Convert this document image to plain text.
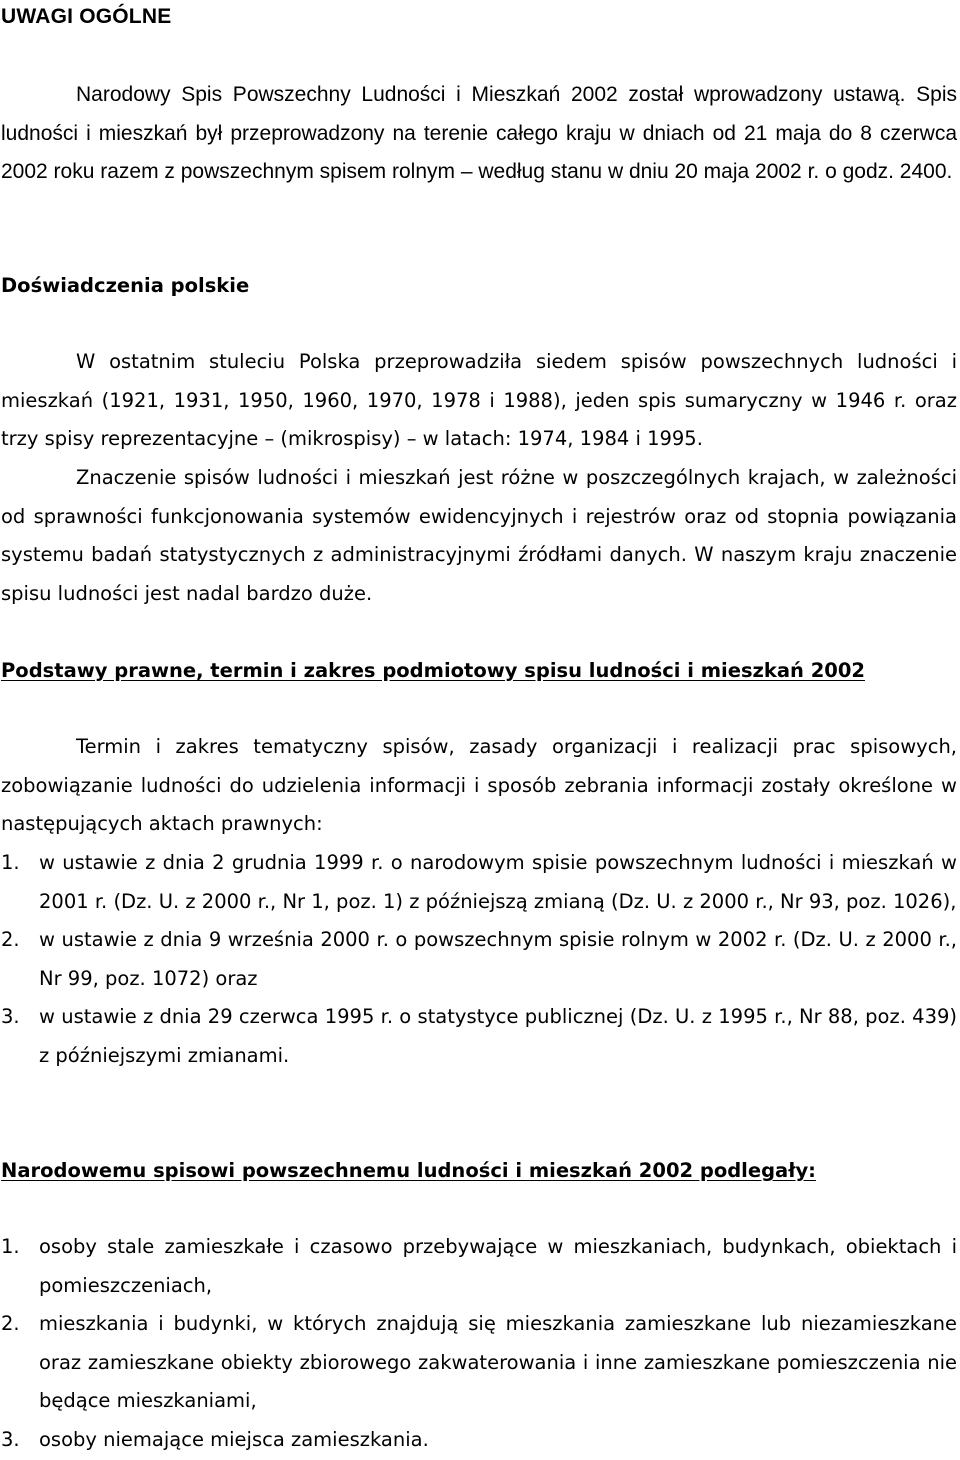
UWAGI OGÓLNE

Narodowy Spis Powszechny Ludności i Mieszkań 2002 został wprowadzony ustawą. Spis ludności i mieszkań był przeprowadzony na terenie całego kraju w dniach od 21 maja do 8 czerwca 2002 roku razem z powszechnym spisem rolnym – według stanu w dniu 20 maja 2002 r. o godz. 2400.

Doświadczenia polskie

W ostatnim stuleciu Polska przeprowadziła siedem spisów powszechnych ludności i mieszkań (1921, 1931, 1950, 1960, 1970, 1978 i 1988), jeden spis sumaryczny w 1946 r. oraz trzy spisy reprezentacyjne – (mikrospisy) – w latach: 1974, 1984 i 1995.

Znaczenie spisów ludności i mieszkań jest różne w poszczególnych krajach, w zależności od sprawności funkcjonowania systemów ewidencyjnych i rejestrów oraz od stopnia powiązania systemu badań statystycznych z administracyjnymi źródłami danych. W naszym kraju znaczenie spisu ludności jest nadal bardzo duże.

Podstawy prawne, termin i zakres podmiotowy spisu ludności i mieszkań 2002

Termin i zakres tematyczny spisów, zasady organizacji i realizacji prac spisowych, zobowiązanie ludności do udzielenia informacji i sposób zebrania informacji zostały określone w następujących aktach prawnych:

1. w ustawie z dnia 2 grudnia 1999 r. o narodowym spisie powszechnym ludności i mieszkań w 2001 r. (Dz. U. z 2000 r., Nr 1, poz. 1) z późniejszą zmianą (Dz. U. z 2000 r., Nr 93, poz. 1026),
2. w ustawie z dnia 9 września 2000 r. o powszechnym spisie rolnym w 2002 r. (Dz. U. z 2000 r., Nr 99, poz. 1072) oraz
3. w ustawie z dnia 29 czerwca 1995 r. o statystyce publicznej (Dz. U. z 1995 r., Nr 88, poz. 439) z późniejszymi zmianami.
Narodowemu spisowi powszechnemu ludności i mieszkań 2002 podlegały:
1. osoby stale zamieszkałe i czasowo przebywające w mieszkaniach, budynkach, obiektach i pomieszczeniach,
2. mieszkania i budynki, w których znajdują się mieszkania zamieszkane lub niezamieszkane oraz zamieszkane obiekty zbiorowego zakwaterowania i inne zamieszkane pomieszczenia nie będące mieszkaniami,
3. osoby niemające miejsca zamieszkania.
